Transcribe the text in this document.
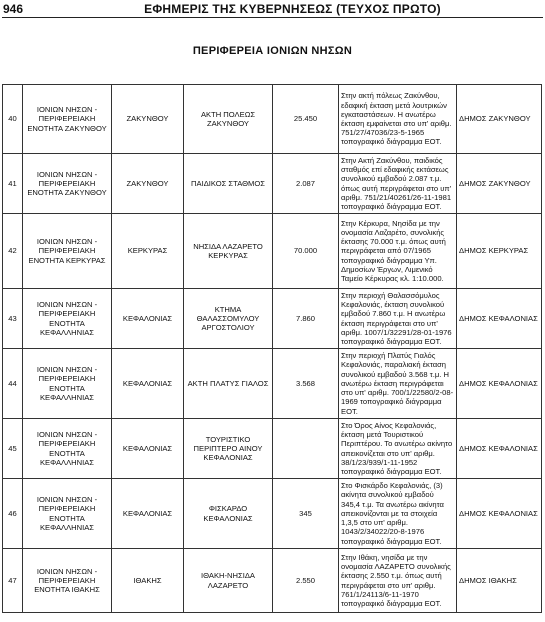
946	ΕΦΗΜΕΡΙΣ ΤΗΣ ΚΥΒΕΡΝΗΣΕΩΣ (ΤΕΥΧΟΣ ΠΡΩΤΟ)
ΠΕΡΙΦΕΡΕΙΑ ΙΟΝΙΩΝ ΝΗΣΩΝ
40	ΙΟΝΙΩΝ ΝΗΣΩΝ - ΠΕΡΙΦΕΡΕΙΑΚΗ ΕΝΟΤΗΤΑ ΖΑΚΥΝΘΟΥ	ΖΑΚΥΝΘΟΥ	ΑΚΤΗ ΠΟΛΕΩΣ ΖΑΚΥΝΘΟΥ	25.450	Στην ακτή πόλεως Ζακύνθου, εδαφική έκταση μετά λουτρικών εγκαταστάσεων. Η ανωτέρω έκταση εμφαίνεται στο υπ' αριθμ. 751/27/47036/23-5-1965 τοπογραφικό διάγραμμα ΕΟΤ.	ΔΗΜΟΣ ΖΑΚΥΝΘΟΥ
41	ΙΟΝΙΩΝ ΝΗΣΩΝ - ΠΕΡΙΦΕΡΕΙΑΚΗ ΕΝΟΤΗΤΑ ΖΑΚΥΝΘΟΥ	ΖΑΚΥΝΘΟΥ	ΠΑΙΔΙΚΟΣ ΣΤΑΘΜΟΣ	2.087	Στην Ακτή Ζακύνθου, παιδικός σταθμός επί εδαφικής εκτάσεως συνολικού εμβαδού 2.087 τ.μ. όπως αυτή περιγράφεται στο υπ' αριθμ. 751/21/40261/26-11-1981 τοπογραφικό διάγραμμα ΕΟΤ.	ΔΗΜΟΣ ΖΑΚΥΝΘΟΥ
42	ΙΟΝΙΩΝ ΝΗΣΩΝ - ΠΕΡΙΦΕΡΕΙΑΚΗ ΕΝΟΤΗΤΑ ΚΕΡΚΥΡΑΣ	ΚΕΡΚΥΡΑΣ	ΝΗΣΙΔΑ ΛΑΖΑΡΕΤΟ ΚΕΡΚΥΡΑΣ	70.000	Στην Κέρκυρα, Νησίδα με την ονομασία Λαζαρέτο, συνολικής έκτασης 70.000 τ.μ. όπως αυτή περιγράφεται από 07/1965 τοπογραφικό διάγραμμα Υπ. Δημοσίων Έργων, Λιμενικό Ταμείο Κέρκυρας κλ. 1:10.000.	ΔΗΜΟΣ ΚΕΡΚΥΡΑΣ
43	ΙΟΝΙΩΝ ΝΗΣΩΝ - ΠΕΡΙΦΕΡΕΙΑΚΗ ΕΝΟΤΗΤΑ ΚΕΦΑΛΛΗΝΙΑΣ	ΚΕΦΑΛΟΝΙΑΣ	ΚΤΗΜΑ ΘΑΛΑΣΣΟΜΥΛΟΥ ΑΡΓΟΣΤΟΛΙΟΥ	7.860	Στην περιοχή Θαλασσόμυλος Κεφαλονιάς, έκταση συνολικού εμβαδού 7.860 τ.μ. Η ανωτέρω έκταση περιγράφεται στο υπ' αριθμ. 1007/1/32291/28-01-1976 τοπογραφικό διάγραμμα ΕΟΤ.	ΔΗΜΟΣ ΚΕΦΑΛΟΝΙΑΣ
44	ΙΟΝΙΩΝ ΝΗΣΩΝ - ΠΕΡΙΦΕΡΕΙΑΚΗ ΕΝΟΤΗΤΑ ΚΕΦΑΛΛΗΝΙΑΣ	ΚΕΦΑΛΟΝΙΑΣ	ΑΚΤΗ ΠΛΑΤΥΣ ΓΙΑΛΟΣ	3.568	Στην περιοχή Πλατύς Γιαλός Κεφαλονιάς, παραλιακή έκταση συνολικού εμβαδού 3.568 τ.μ. Η ανωτέρω έκταση περιγράφεται στο υπ' αριθμ. 700/1/22580/2-08-1969 τοπογραφικό διάγραμμα ΕΟΤ.	ΔΗΜΟΣ ΚΕΦΑΛΟΝΙΑΣ
45	ΙΟΝΙΩΝ ΝΗΣΩΝ - ΠΕΡΙΦΕΡΕΙΑΚΗ ΕΝΟΤΗΤΑ ΚΕΦΑΛΛΗΝΙΑΣ	ΚΕΦΑΛΟΝΙΑΣ	ΤΟΥΡΙΣΤΙΚΟ ΠΕΡΙΠΤΕΡΟ ΑΙΝΟΥ ΚΕΦΑΛΟΝΙΑΣ		Στο Όρος Αίνος Κεφαλονιάς, έκταση μετά Τουριστικού Περιπτέρου. Το ανωτέρω ακίνητο απεικονίζεται στο υπ' αριθμ. 38/1/23/939/1-11-1952 τοπογραφικό διάγραμμα ΕΟΤ.	ΔΗΜΟΣ ΚΕΦΑΛΟΝΙΑΣ
46	ΙΟΝΙΩΝ ΝΗΣΩΝ - ΠΕΡΙΦΕΡΕΙΑΚΗ ΕΝΟΤΗΤΑ ΚΕΦΑΛΛΗΝΙΑΣ	ΚΕΦΑΛΟΝΙΑΣ	ΦΙΣΚΑΡΔΟ ΚΕΦΑΛΟΝΙΑΣ	345	Στο Φισκάρδο Κεφαλονιάς, (3) ακίνητα συνολικού εμβαδού 345,4 τ.μ. Τα ανωτέρω ακίνητα απεικονίζονται με τα στοιχεία 1,3,5 στο υπ' αριθμ. 1043/2/34022/20-8-1976 τοπογραφικό διάγραμμα ΕΟΤ.	ΔΗΜΟΣ ΚΕΦΑΛΟΝΙΑΣ
47	ΙΟΝΙΩΝ ΝΗΣΩΝ - ΠΕΡΙΦΕΡΕΙΑΚΗ ΕΝΟΤΗΤΑ ΙΘΑΚΗΣ	ΙΘΑΚΗΣ	ΙΘΑΚΗ-ΝΗΣΙΔΑ ΛΑΖΑΡΕΤΟ	2.550	Στην Ιθάκη, νησίδα με την ονομασία ΛΑΖΑΡΕΤΟ συνολικής έκτασης 2.550 τ.μ. όπως αυτή περιγράφεται στο υπ' αριθμ. 761/1/24113/6-11-1970 τοπογραφικό διάγραμμα ΕΟΤ.	ΔΗΜΟΣ ΙΘΑΚΗΣ
